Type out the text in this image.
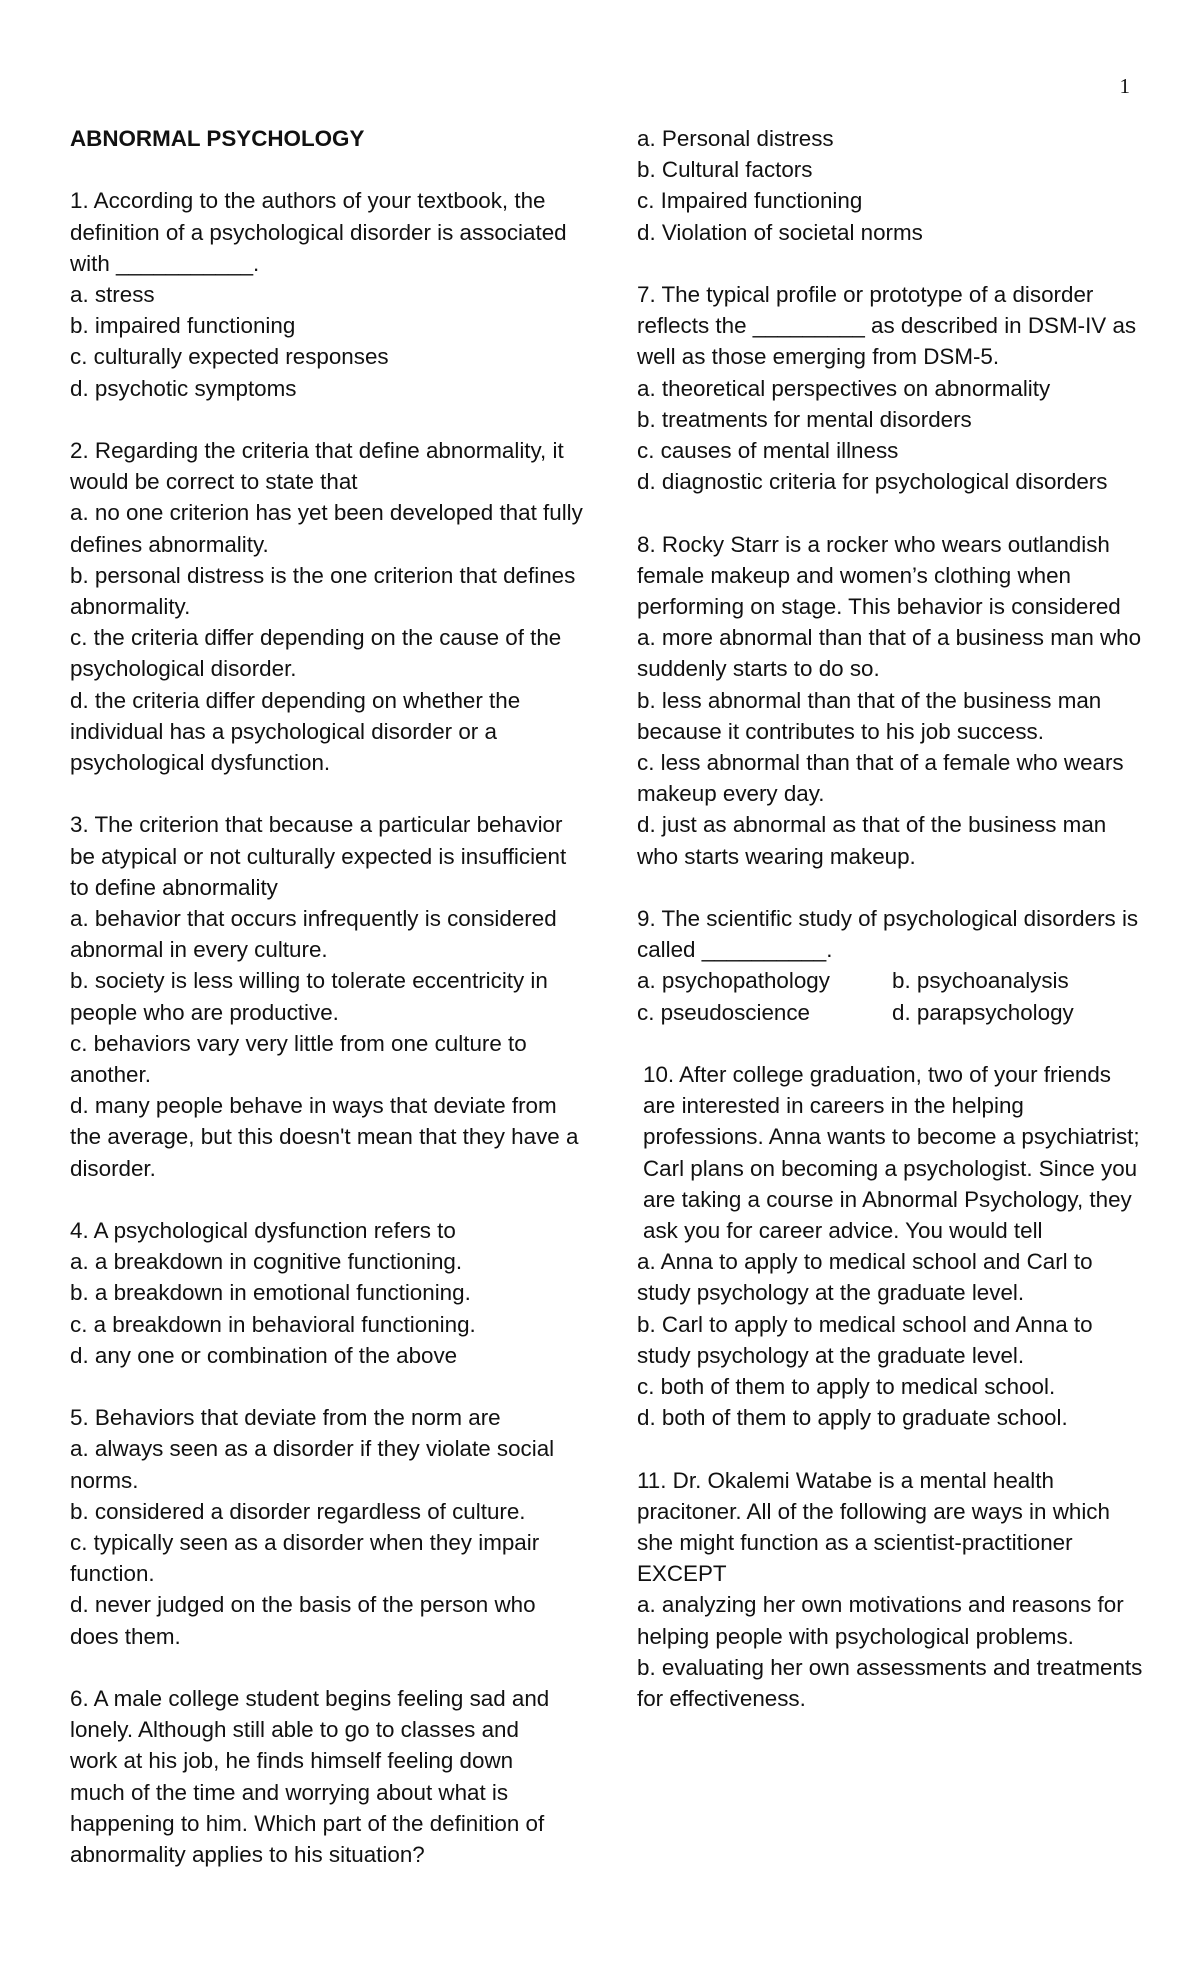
1
ABNORMAL PSYCHOLOGY
1. According to the authors of your textbook, the definition of a psychological disorder is associated with ___________.
a. stress
b. impaired functioning
c. culturally expected responses
d. psychotic symptoms
2. Regarding the criteria that define abnormality, it would be correct to state that
a. no one criterion has yet been developed that fully defines abnormality.
b. personal distress is the one criterion that defines abnormality.
c. the criteria differ depending on the cause of the psychological disorder.
d. the criteria differ depending on whether the individual has a psychological disorder or a psychological dysfunction.
3. The criterion that because a particular behavior be atypical or not culturally expected is insufficient to define abnormality
a. behavior that occurs infrequently is considered abnormal in every culture.
b. society is less willing to tolerate eccentricity in people who are productive.
c. behaviors vary very little from one culture to another.
d. many people behave in ways that deviate from the average, but this doesn't mean that they have a disorder.
4. A psychological dysfunction refers to
a. a breakdown in cognitive functioning.
b. a breakdown in emotional functioning.
c. a breakdown in behavioral functioning.
d. any one or combination of the above
5. Behaviors that deviate from the norm are
a. always seen as a disorder if they violate social norms.
b. considered a disorder regardless of culture.
c. typically seen as a disorder when they impair function.
d. never judged on the basis of the person who does them.
6. A male college student begins feeling sad and lonely. Although still able to go to classes and work at his job, he finds himself feeling down much of the time and worrying about what is happening to him. Which part of the definition of abnormality applies to his situation?
a. Personal distress
b. Cultural factors
c. Impaired functioning
d. Violation of societal norms
7. The typical profile or prototype of a disorder reflects the _________ as described in DSM-IV as well as those emerging from DSM-5.
a. theoretical perspectives on abnormality
b. treatments for mental disorders
c. causes of mental illness
d. diagnostic criteria for psychological disorders
8. Rocky Starr is a rocker who wears outlandish female makeup and women’s clothing when performing on stage. This behavior is considered
a. more abnormal than that of a business man who suddenly starts to do so.
b. less abnormal than that of the business man because it contributes to his job success.
c. less abnormal than that of a female who wears makeup every day.
d. just as abnormal as that of the business man who starts wearing makeup.
9. The scientific study of psychological disorders is called __________.
a. psychopathology	b. psychoanalysis
c. pseudoscience	d. parapsychology
10. After college graduation, two of your friends are interested in careers in the helping professions. Anna wants to become a psychiatrist; Carl plans on becoming a psychologist. Since you are taking a course in Abnormal Psychology, they ask you for career advice. You would tell
a. Anna to apply to medical school and Carl to study psychology at the graduate level.
b. Carl to apply to medical school and Anna to study psychology at the graduate level.
c. both of them to apply to medical school.
d. both of them to apply to graduate school.
11. Dr. Okalemi Watabe is a mental health pracitoner. All of the following are ways in which she might function as a scientist-practitioner EXCEPT
a. analyzing her own motivations and reasons for helping people with psychological problems.
b. evaluating her own assessments and treatments for effectiveness.
